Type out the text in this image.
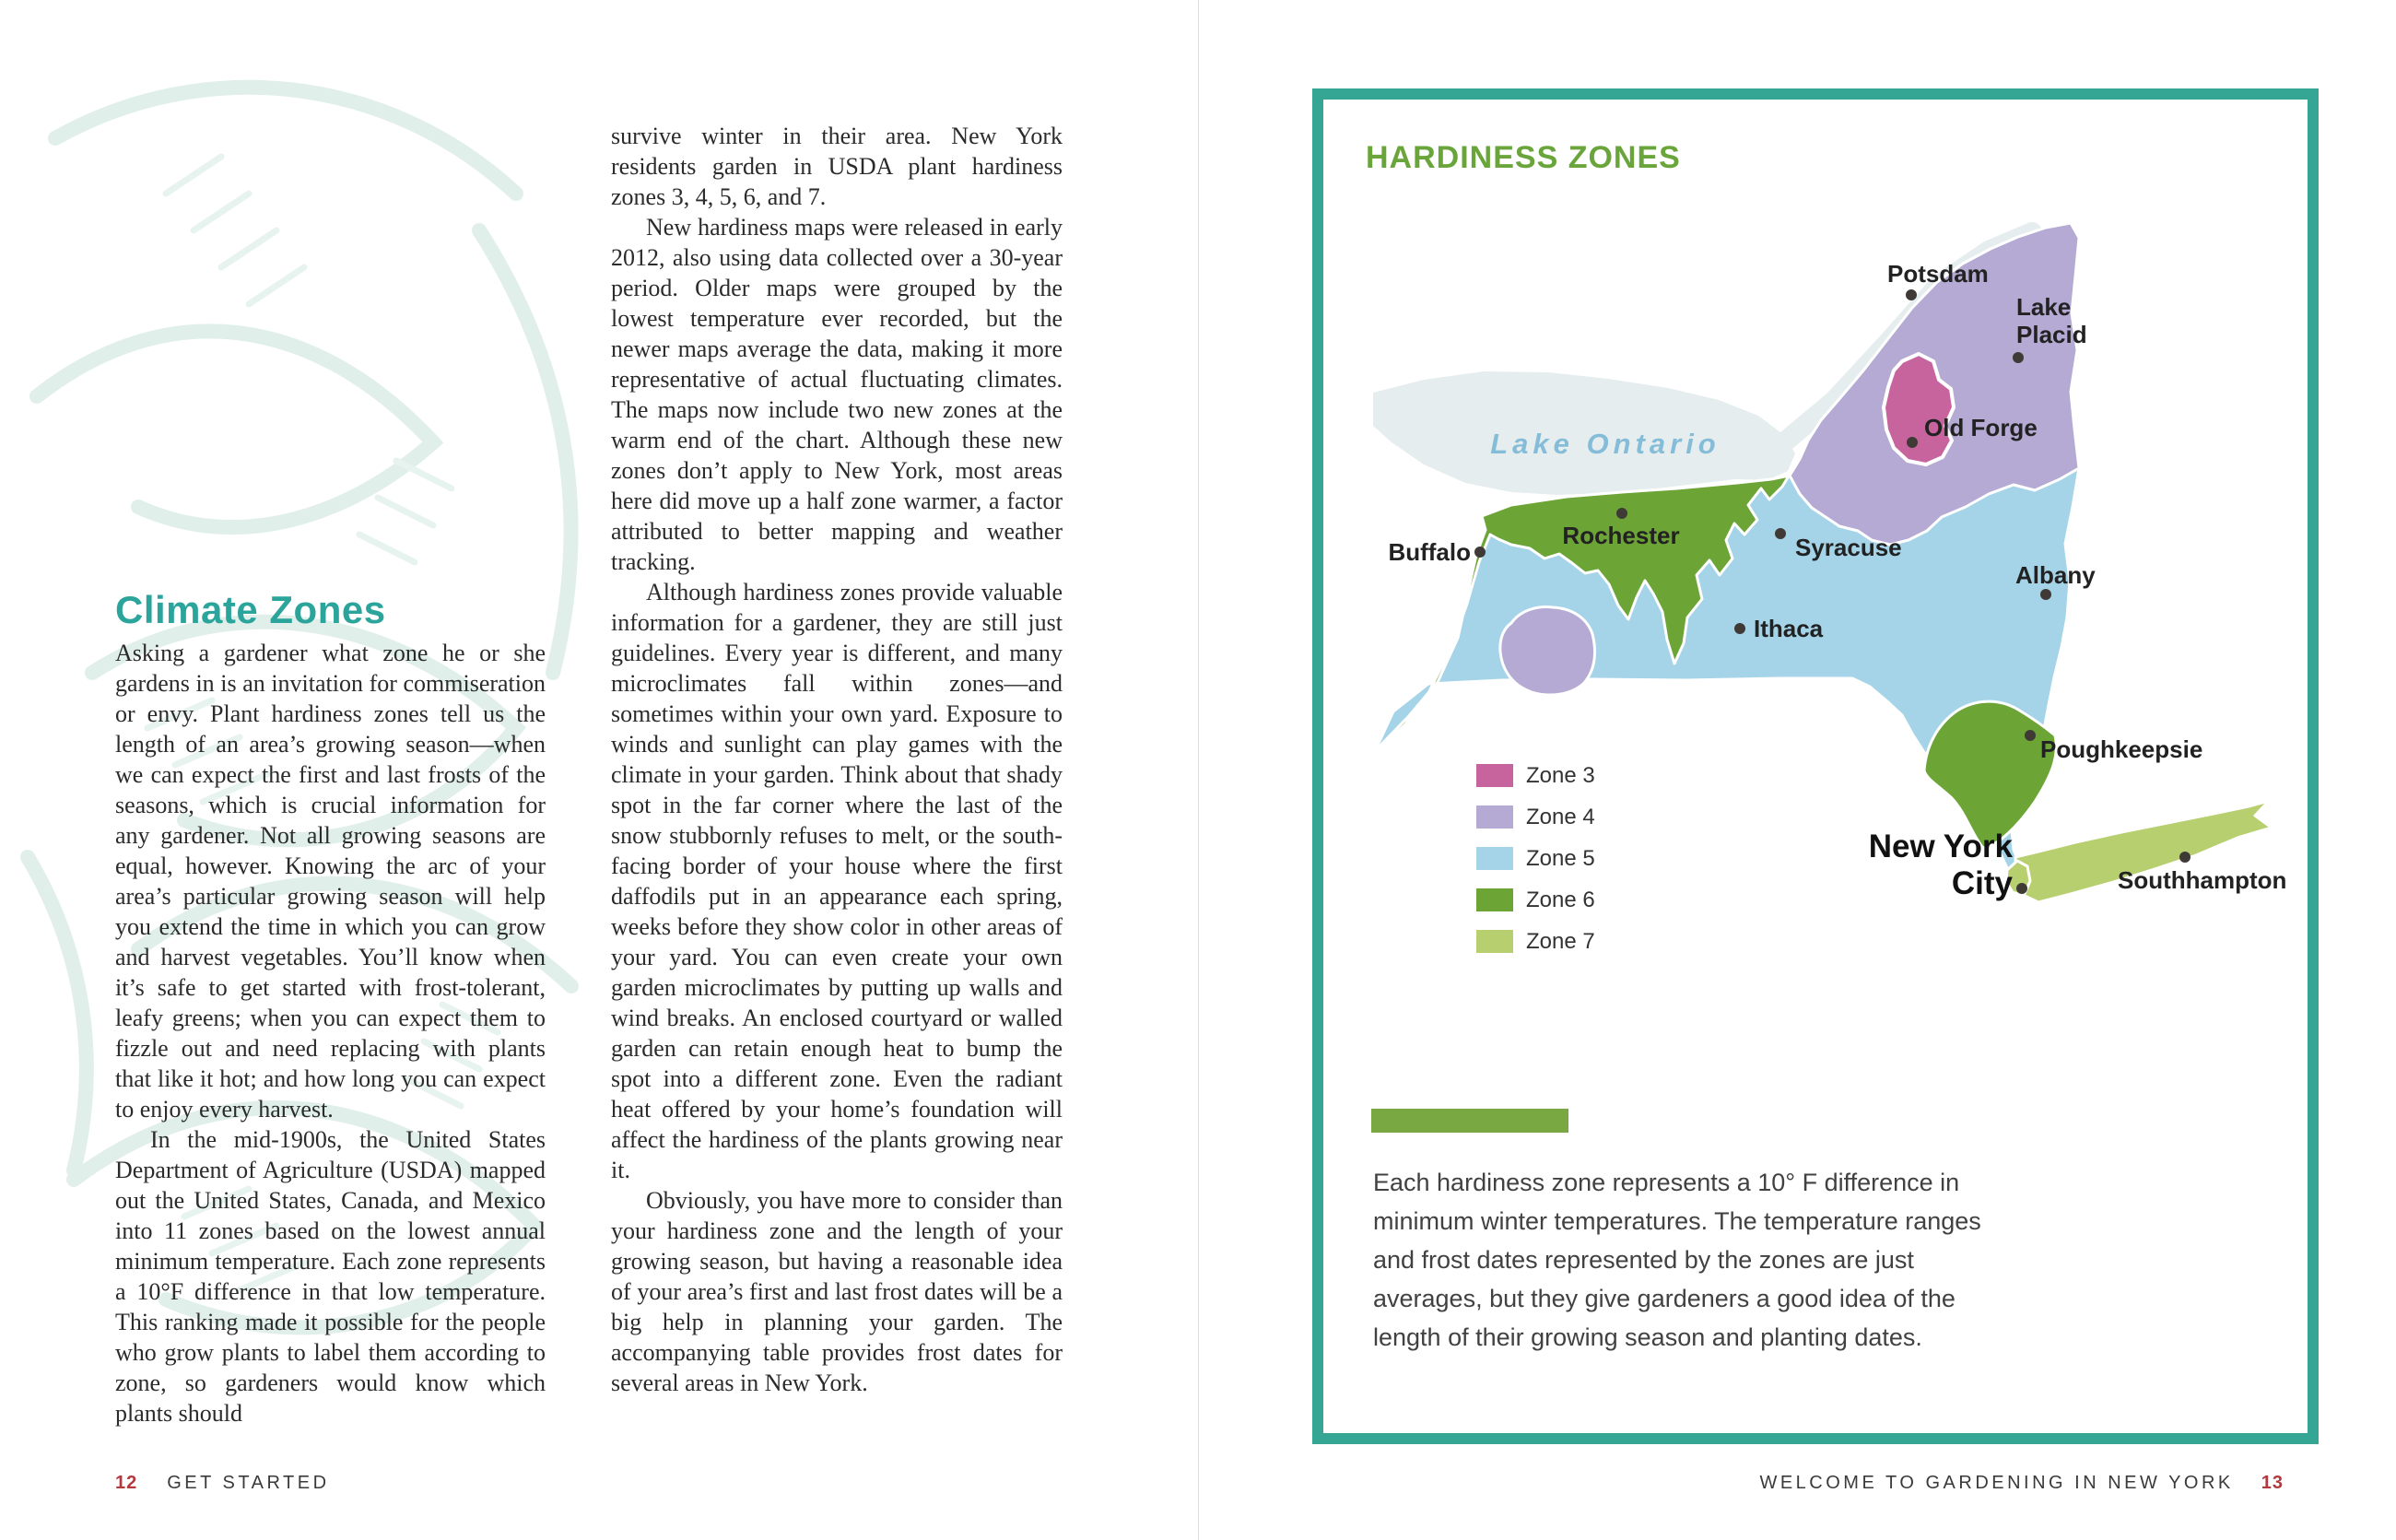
Climate Zones

Asking a gardener what zone he or she gardens in is an invitation for commiseration or envy. Plant hardiness zones tell us the length of an area’s growing season—when we can expect the first and last frosts of the seasons, which is crucial information for any gardener. Not all growing seasons are equal, however. Knowing the arc of your area’s particular growing season will help you extend the time in which you can grow and harvest vegetables. You’ll know when it’s safe to get started with frost-tolerant, leafy greens; when you can expect them to fizzle out and need replacing with plants that like it hot; and how long you can expect to enjoy every harvest.

In the mid-1900s, the United States Department of Agriculture (USDA) mapped out the United States, Canada, and Mexico into 11 zones based on the lowest annual minimum temperature. Each zone represents a 10°F difference in that low temperature. This ranking made it possible for the people who grow plants to label them according to zone, so gardeners would know which plants should

survive winter in their area. New York residents garden in USDA plant hardiness zones 3, 4, 5, 6, and 7.

New hardiness maps were released in early 2012, also using data collected over a 30-year period. Older maps were grouped by the lowest temperature ever recorded, but the newer maps average the data, making it more representative of actual fluctuating climates. The maps now include two new zones at the warm end of the chart. Although these new zones don’t apply to New York, most areas here did move up a half zone warmer, a factor attributed to better mapping and weather tracking.

Although hardiness zones provide valuable information for a gardener, they are still just guidelines. Every year is different, and many microclimates fall within zones—and sometimes within your own yard. Exposure to winds and sunlight can play games with the climate in your garden. Think about that shady spot in the far corner where the last of the snow stubbornly refuses to melt, or the south-facing border of your house where the first daffodils put in an appearance each spring, weeks before they show color in other areas of your yard. You can even create your own garden microclimates by putting up walls and wind breaks. An enclosed courtyard or walled garden can retain enough heat to bump the spot into a different zone. Even the radiant heat offered by your home’s foundation will affect the hardiness of the plants growing near it.

Obviously, you have more to consider than your hardiness zone and the length of your growing season, but having a reasonable idea of your area’s first and last frost dates will be a big help in planning your garden. The accompanying table provides frost dates for several areas in New York.

12 GET STARTED
HARDINESS ZONES
Lake Ontario
Potsdam
Lake
Placid
Old Forge
Buffalo
Rochester	Syracuse
Ithaca
Albany
Poughkeepsie
New York
City	Southhampton
Zone 3
Zone 4
Zone 5
Zone 6
Zone 7
Each hardiness zone represents a 10° F difference in minimum winter temperatures. The temperature ranges and frost dates represented by the zones are just averages, but they give gardeners a good idea of the length of their growing season and planting dates.
WELCOME TO GARDENING IN NEW YORK 13
